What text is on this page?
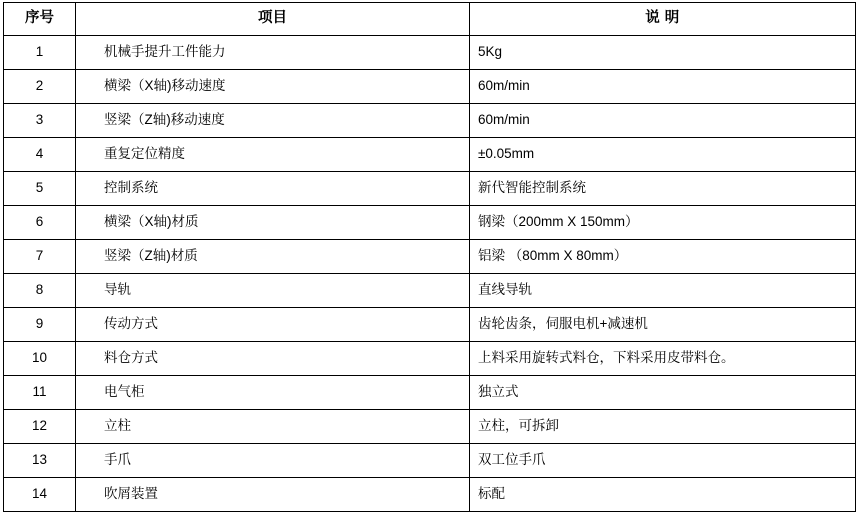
序号	项目	说 明
1	机械手提升工件能力	5Kg
2	横梁（X轴)移动速度	60m/min
3	竖梁（Z轴)移动速度	60m/min
4	重复定位精度	±0.05mm
5	控制系统	新代智能控制系统
6	横梁（X轴)材质	钢梁（200mm X 150mm）
7	竖梁（Z轴)材质	铝梁 （80mm X 80mm）
8	导轨	直线导轨
9	传动方式	齿轮齿条，伺服电机+减速机
10	料仓方式	上料采用旋转式料仓，下料采用皮带料仓。
11	电气柜	独立式
12	立柱	立柱，可拆卸
13	手爪	双工位手爪
14	吹屑装置	标配
